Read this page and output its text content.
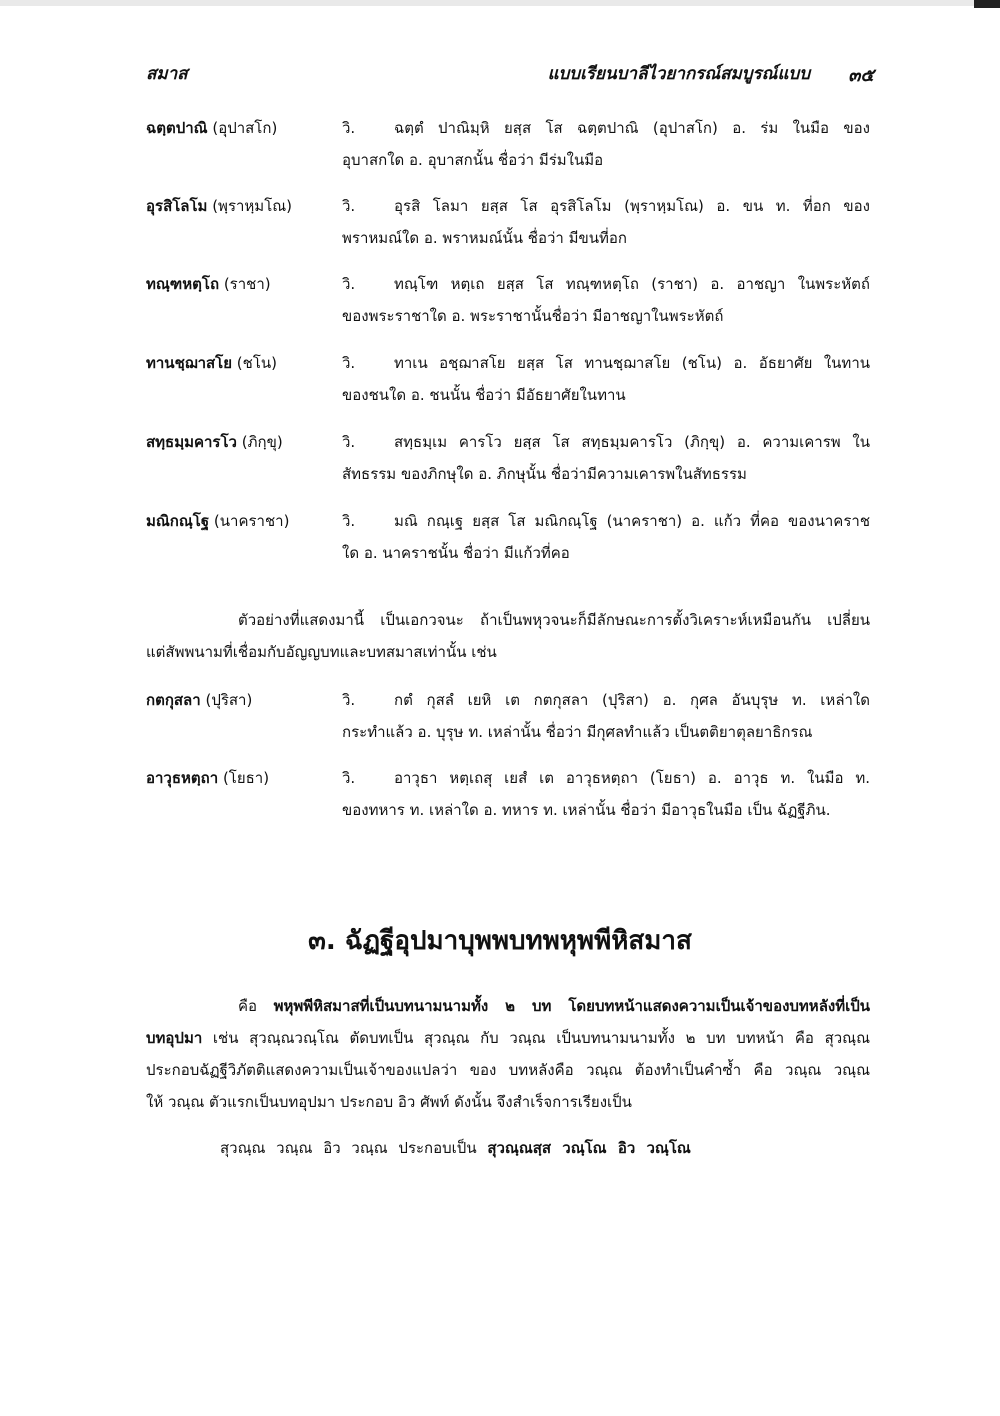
สมาส	แบบเรียนบาลีไวยากรณ์สมบูรณ์แบบ ๓๕
ฉตฺตปาณิ (อุปาสโก)	วิ.	ฉตฺตํ ปาณิมฺหิ ยสฺส โส ฉตฺตปาณิ (อุปาสโก) อ. ร่ม ในมือ ของ
อุบาสกใด อ. อุบาสกนั้น ชื่อว่า มีร่มในมือ
อุรสิโลโม (พฺราหฺมโณ)	วิ.	อุรสิ โลมา ยสฺส โส อุรสิโลโม (พฺราหฺมโณ) อ. ขน ท. ที่อก ของ
พราหมณ์ใด อ. พราหมณ์นั้น ชื่อว่า มีขนที่อก
ทณฺฑหตฺโถ (ราชา)	วิ.	ทณฺโฑ หตฺเถ ยสฺส โส ทณฺฑหตฺโถ (ราชา) อ. อาชญา ในพระหัตถ์
ของพระราชาใด อ. พระราชานั้นชื่อว่า มีอาชญาในพระหัตถ์
ทานชฺฌาสโย (ชโน)	วิ.	ทาเน อชฺฌาสโย ยสฺส โส ทานชฺฌาสโย (ชโน) อ. อัธยาศัย ในทาน
ของชนใด อ. ชนนั้น ชื่อว่า มีอัธยาศัยในทาน
สทฺธมฺมคารโว (ภิกฺขุ)	วิ.	สทฺธมฺเม คารโว ยสฺส โส สทฺธมฺมคารโว (ภิกฺขุ) อ. ความเคารพ ใน
สัทธรรม ของภิกษุใด อ. ภิกษุนั้น ชื่อว่ามีความเคารพในสัทธรรม
มณิกณฺโฐ (นาคราชา)	วิ.	มณิ กณฺเฐ ยสฺส โส มณิกณฺโฐ (นาคราชา) อ. แก้ว ที่คอ ของนาคราช
ใด อ. นาคราชนั้น ชื่อว่า มีแก้วที่คอ

ตัวอย่างที่แสดงมานี้ เป็นเอกวจนะ ถ้าเป็นพหุวจนะก็มีลักษณะการตั้งวิเคราะห์เหมือนกัน เปลี่ยน
แต่สัพพนามที่เชื่อมกับอัญญบทและบทสมาสเท่านั้น เช่น

กตกุสลา (ปุริสา)	วิ.	กตํ กุสลํ เยหิ เต กตกุสลา (ปุริสา) อ. กุศล อันบุรุษ ท. เหล่าใด
กระทำแล้ว อ. บุรุษ ท. เหล่านั้น ชื่อว่า มีกุศลทำแล้ว เป็นตติยาตุลยาธิกรณ
อาวุธหตฺถา (โยธา)	วิ.	อาวุธา หตฺเถสุ เยสํ เต อาวุธหตฺถา (โยธา) อ. อาวุธ ท. ในมือ ท.
ของทหาร ท. เหล่าใด อ. ทหาร ท. เหล่านั้น ชื่อว่า มีอาวุธในมือ เป็น ฉัฏฐีภิน.
๓. ฉัฏฐีอุปมาบุพพบทพหุพพีหิสมาส

คือ พหุพพีหิสมาสที่เป็นบทนามนามทั้ง ๒ บท โดยบทหน้าแสดงความเป็นเจ้าของบทหลังที่เป็น
บทอุปมา เช่น สุวณฺณวณฺโณ ตัดบทเป็น สุวณฺณ กับ วณฺณ เป็นบทนามนามทั้ง ๒ บท บทหน้า คือ สุวณฺณ
ประกอบฉัฏฐีวิภัตติแสดงความเป็นเจ้าของแปลว่า ของ บทหลังคือ วณฺณ ต้องทำเป็นคำซ้ำ คือ วณฺณ วณฺณ
ให้ วณฺณ ตัวแรกเป็นบทอุปมา ประกอบ อิว ศัพท์ ดังนั้น จึงสำเร็จการเรียงเป็น

สุวณฺณ วณฺณ อิว วณฺณ ประกอบเป็น สุวณฺณสฺส วณฺโณ อิว วณฺโณ
